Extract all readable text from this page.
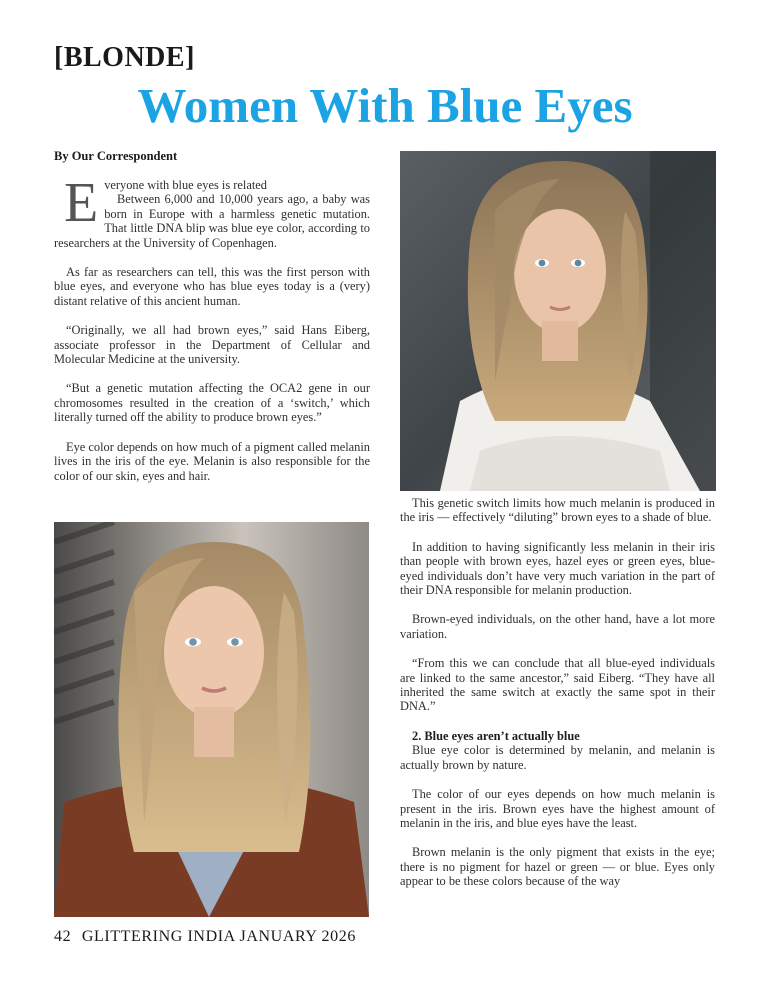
[BLONDE]
Women With Blue Eyes
By Our Correspondent

Everyone with blue eyes is related
Between 6,000 and 10,000 years ago, a baby was born in Europe with a harmless genetic mutation. That little DNA blip was blue eye color, according to researchers at the University of Copenhagen.

As far as researchers can tell, this was the first person with blue eyes, and everyone who has blue eyes today is a (very) distant relative of this ancient human.

“Originally, we all had brown eyes,” said Hans Eiberg, associate professor in the Department of Cellular and Molecular Medicine at the university.

“But a genetic mutation affecting the OCA2 gene in our chromosomes resulted in the creation of a ‘switch,’ which literally turned off the ability to produce brown eyes.”

Eye color depends on how much of a pigment called melanin lives in the iris of the eye. Melanin is also responsible for the color of our skin, eyes and hair.

This genetic switch limits how much melanin is produced in the iris — effectively “diluting” brown eyes to a shade of blue.

In addition to having significantly less melanin in their iris than people with brown eyes, hazel eyes or green eyes, blue-eyed individuals don’t have very much variation in the part of their DNA responsible for melanin production.

Brown-eyed individuals, on the other hand, have a lot more variation.

“From this we can conclude that all blue-eyed individuals are linked to the same ancestor,” said Eiberg. “They have all inherited the same switch at exactly the same spot in their DNA.”

2. Blue eyes aren’t actually blue

Blue eye color is determined by melanin, and melanin is actually brown by nature.

The color of our eyes depends on how much melanin is present in the iris. Brown eyes have the highest amount of melanin in the iris, and blue eyes have the least.

Brown melanin is the only pigment that exists in the eye; there is no pigment for hazel or green — or blue. Eyes only appear to be these colors because of the way

42 GLITTERING INDIA JANUARY 2026
